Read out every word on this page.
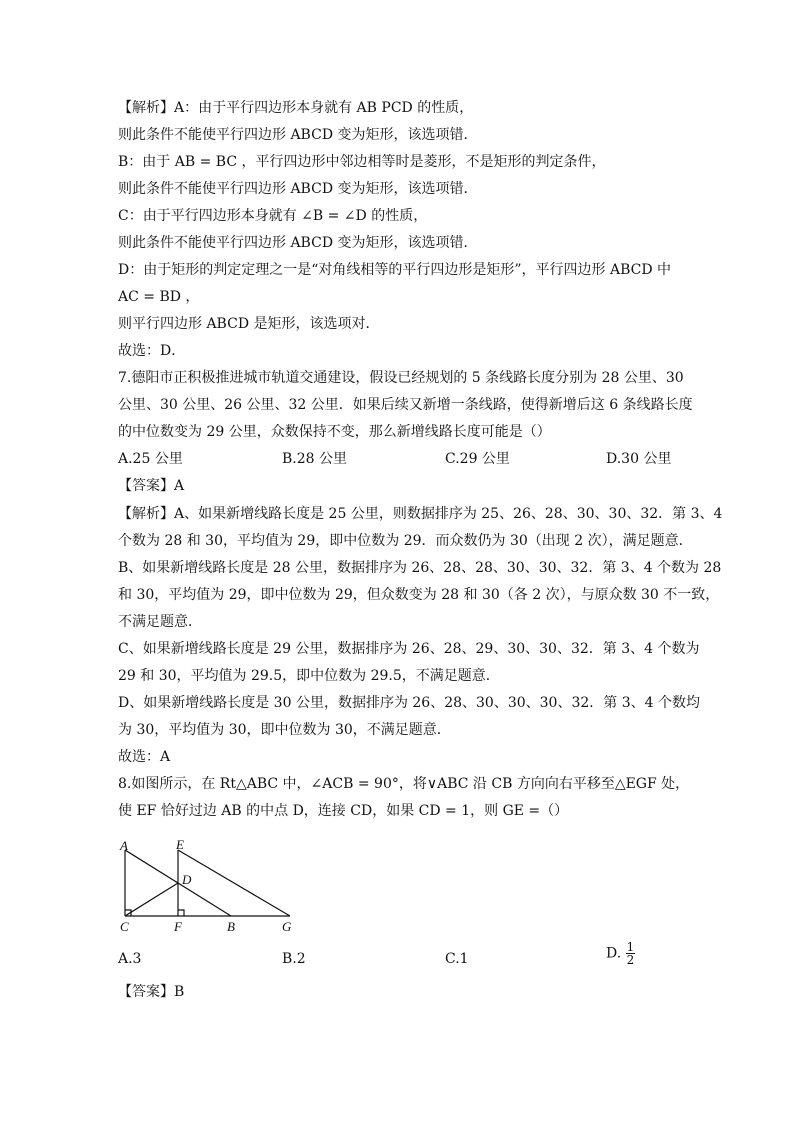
【解析】A：由于平行四边形本身就有 AB PCD 的性质，
则此条件不能使平行四边形 ABCD 变为矩形，该选项错．
B：由于 AB = BC ，平行四边形中邻边相等时是菱形，不是矩形的判定条件，
则此条件不能使平行四边形 ABCD 变为矩形，该选项错．
C：由于平行四边形本身就有 ∠B = ∠D 的性质，
则此条件不能使平行四边形 ABCD 变为矩形，该选项错．
D：由于矩形的判定定理之一是“对角线相等的平行四边形是矩形”，平行四边形 ABCD 中
AC = BD ，
则平行四边形 ABCD 是矩形，该选项对．
故选：D．
7.德阳市正积极推进城市轨道交通建设，假设已经规划的 5 条线路长度分别为 28 公里、30
公里、30 公里、26 公里、32 公里．如果后续又新增一条线路，使得新增后这 6 条线路长度
的中位数变为 29 公里，众数保持不变，那么新增线路长度可能是（）
A.25 公里	B.28 公里	C.29 公里	D.30 公里
【答案】A
【解析】A、如果新增线路长度是 25 公里，则数据排序为 25、26、28、30、30、32．第 3、4
个数为 28 和 30，平均值为 29，即中位数为 29．而众数仍为 30（出现 2 次），满足题意．
B、如果新增线路长度是 28 公里，数据排序为 26、28、28、30、30、32．第 3、4 个数为 28
和 30，平均值为 29，即中位数为 29，但众数变为 28 和 30（各 2 次），与原众数 30 不一致，
不满足题意．
C、如果新增线路长度是 29 公里，数据排序为 26、28、29、30、30、32．第 3、4 个数为
29 和 30，平均值为 29.5，即中位数为 29.5，不满足题意．
D、如果新增线路长度是 30 公里，数据排序为 26、28、30、30、30、32．第 3、4 个数均
为 30，平均值为 30，即中位数为 30，不满足题意．
故选：A
8.如图所示，在 Rt△ABC 中，∠ACB = 90°，将∨ABC 沿 CB 方向向右平移至△EGF 处，
使 EF 恰好过边 AB 的中点 D，连接 CD，如果 CD = 1，则 GE =（）
A	E
D
C	F	B	G
A.3	B.2	C.1	D. $\frac{1}{2}$
【答案】B
